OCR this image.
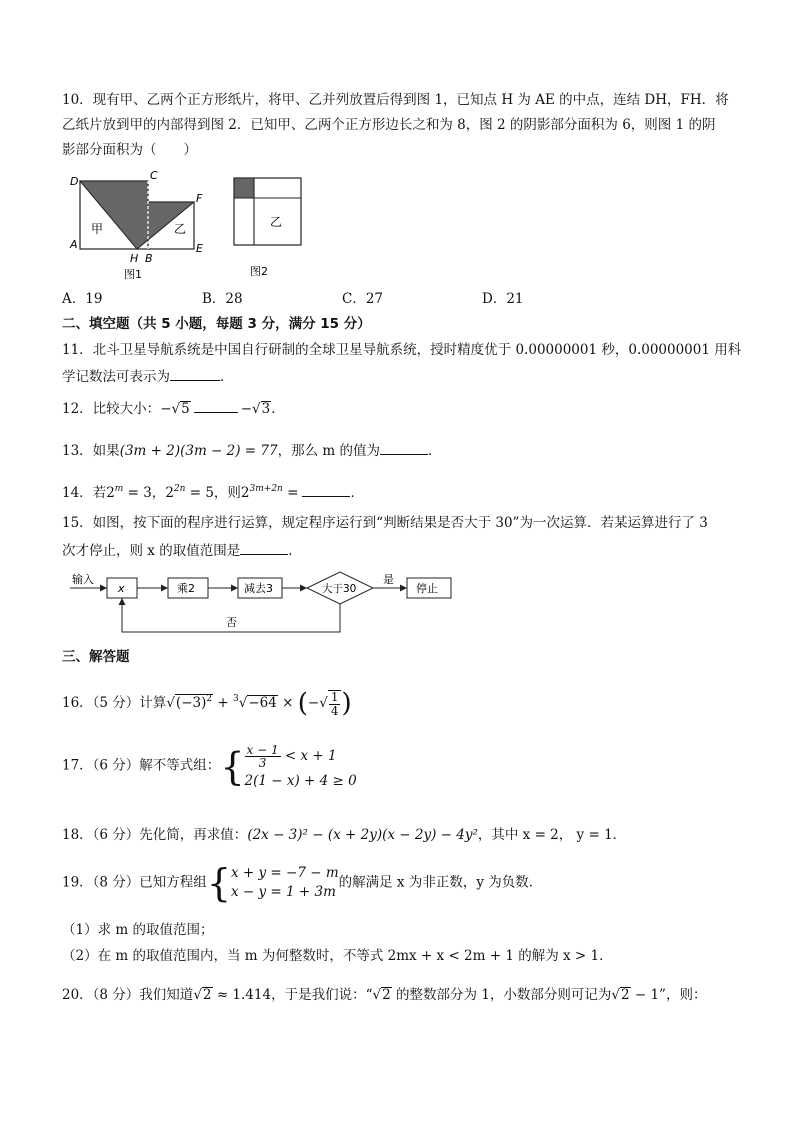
10．现有甲、乙两个正方形纸片，将甲、乙并列放置后得到图 1，已知点 H 为 AE 的中点，连结 DH，FH．将
乙纸片放到甲的内部得到图 2．已知甲、乙两个正方形边长之和为 8，图 2 的阴影部分面积为 6，则图 1 的阴
影部分面积为（　　）
D	C
F
A
H B
E
甲	乙
图1
乙
图2
A．19	B．28	C．27	D．21
二、填空题（共 5 小题，每题 3 分，满分 15 分）
11．北斗卫星导航系统是中国自行研制的全球卫星导航系统，授时精度优于 0.00000001 秒，0.00000001 用科
学记数法可表示为	．
12．比较大小：−√5	−√3．
13．如果(3m + 2)(3m − 2) = 77，那么 m 的值为	．
14．若$2^m = 3$，$2^{2n} = 5$，则$2^{3m+2n}$ =	．
15．如图，按下面的程序进行运算，规定程序运行到“判断结果是否大于 30”为一次运算．若某运算进行了 3
次才停止，则 x 的取值范围是	．
输入
x	乘2	减去3	大于30
是
停止
否
三、解答题
16．（5 分）计算$√(-3)^2 + ^3√-64$ × (−√ $\frac{1}{4}$ )
17．（6 分）解不等式组：{ $\frac{x - 1}{3} < x + 1$
2(1 − x) + 4 ≥ 0
18．（6 分）先化简，再求值：(2x − 3)² − (x + 2y)(x − 2y) − 4y²，其中 x = 2， y = 1．
19．（8 分）已知方程组{ x + y = −7 − m
x − y = 1 + 3m
的解满足 x 为非正数，y 为负数．
（1）求 m 的取值范围；
（2）在 m 的取值范围内，当 m 为何整数时，不等式 2mx + x < 2m + 1 的解为 x > 1．
20．（8 分）我们知道√2 ≈ 1.414，于是我们说：“√2 的整数部分为 1，小数部分则可记为√2 − 1”，则：
